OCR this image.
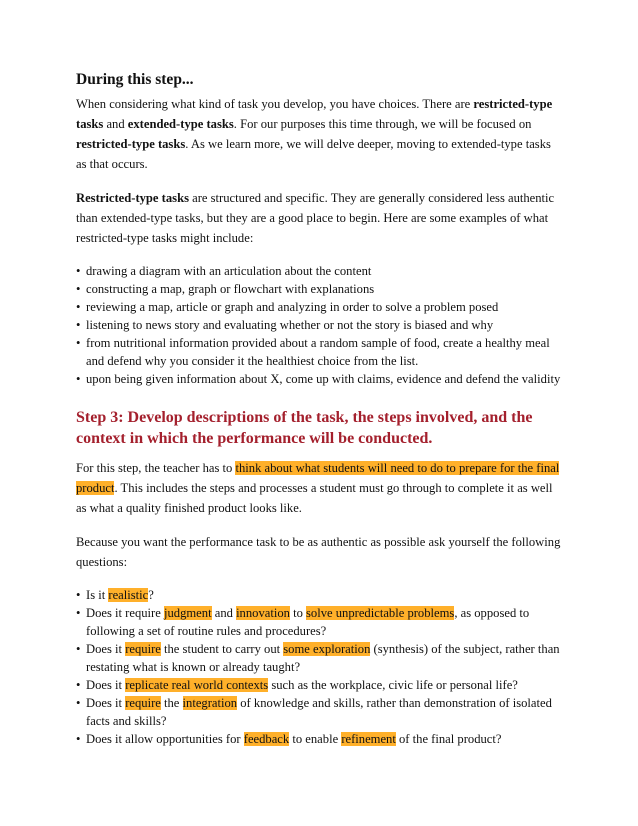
During this step...

When considering what kind of task you develop, you have choices. There are restricted-type tasks and extended-type tasks. For our purposes this time through, we will be focused on restricted-type tasks. As we learn more, we will delve deeper, moving to extended-type tasks as that occurs.

Restricted-type tasks are structured and specific. They are generally considered less authentic than extended-type tasks, but they are a good place to begin. Here are some examples of what restricted-type tasks might include:

• drawing a diagram with an articulation about the content
• constructing a map, graph or flowchart with explanations
• reviewing a map, article or graph and analyzing in order to solve a problem posed
• listening to news story and evaluating whether or not the story is biased and why
• from nutritional information provided about a random sample of food, create a healthy meal and defend why you consider it the healthiest choice from the list.
• upon being given information about X, come up with claims, evidence and defend the validity
Step 3: Develop descriptions of the task, the steps involved, and the context in which the performance will be conducted.

For this step, the teacher has to think about what students will need to do to prepare for the final product. This includes the steps and processes a student must go through to complete it as well as what a quality finished product looks like.

Because you want the performance task to be as authentic as possible ask yourself the following questions:

• Is it realistic?
• Does it require judgment and innovation to solve unpredictable problems, as opposed to following a set of routine rules and procedures?
• Does it require the student to carry out some exploration (synthesis) of the subject, rather than restating what is known or already taught?
• Does it replicate real world contexts such as the workplace, civic life or personal life?
• Does it require the integration of knowledge and skills, rather than demonstration of isolated facts and skills?
• Does it allow opportunities for feedback to enable refinement of the final product?
